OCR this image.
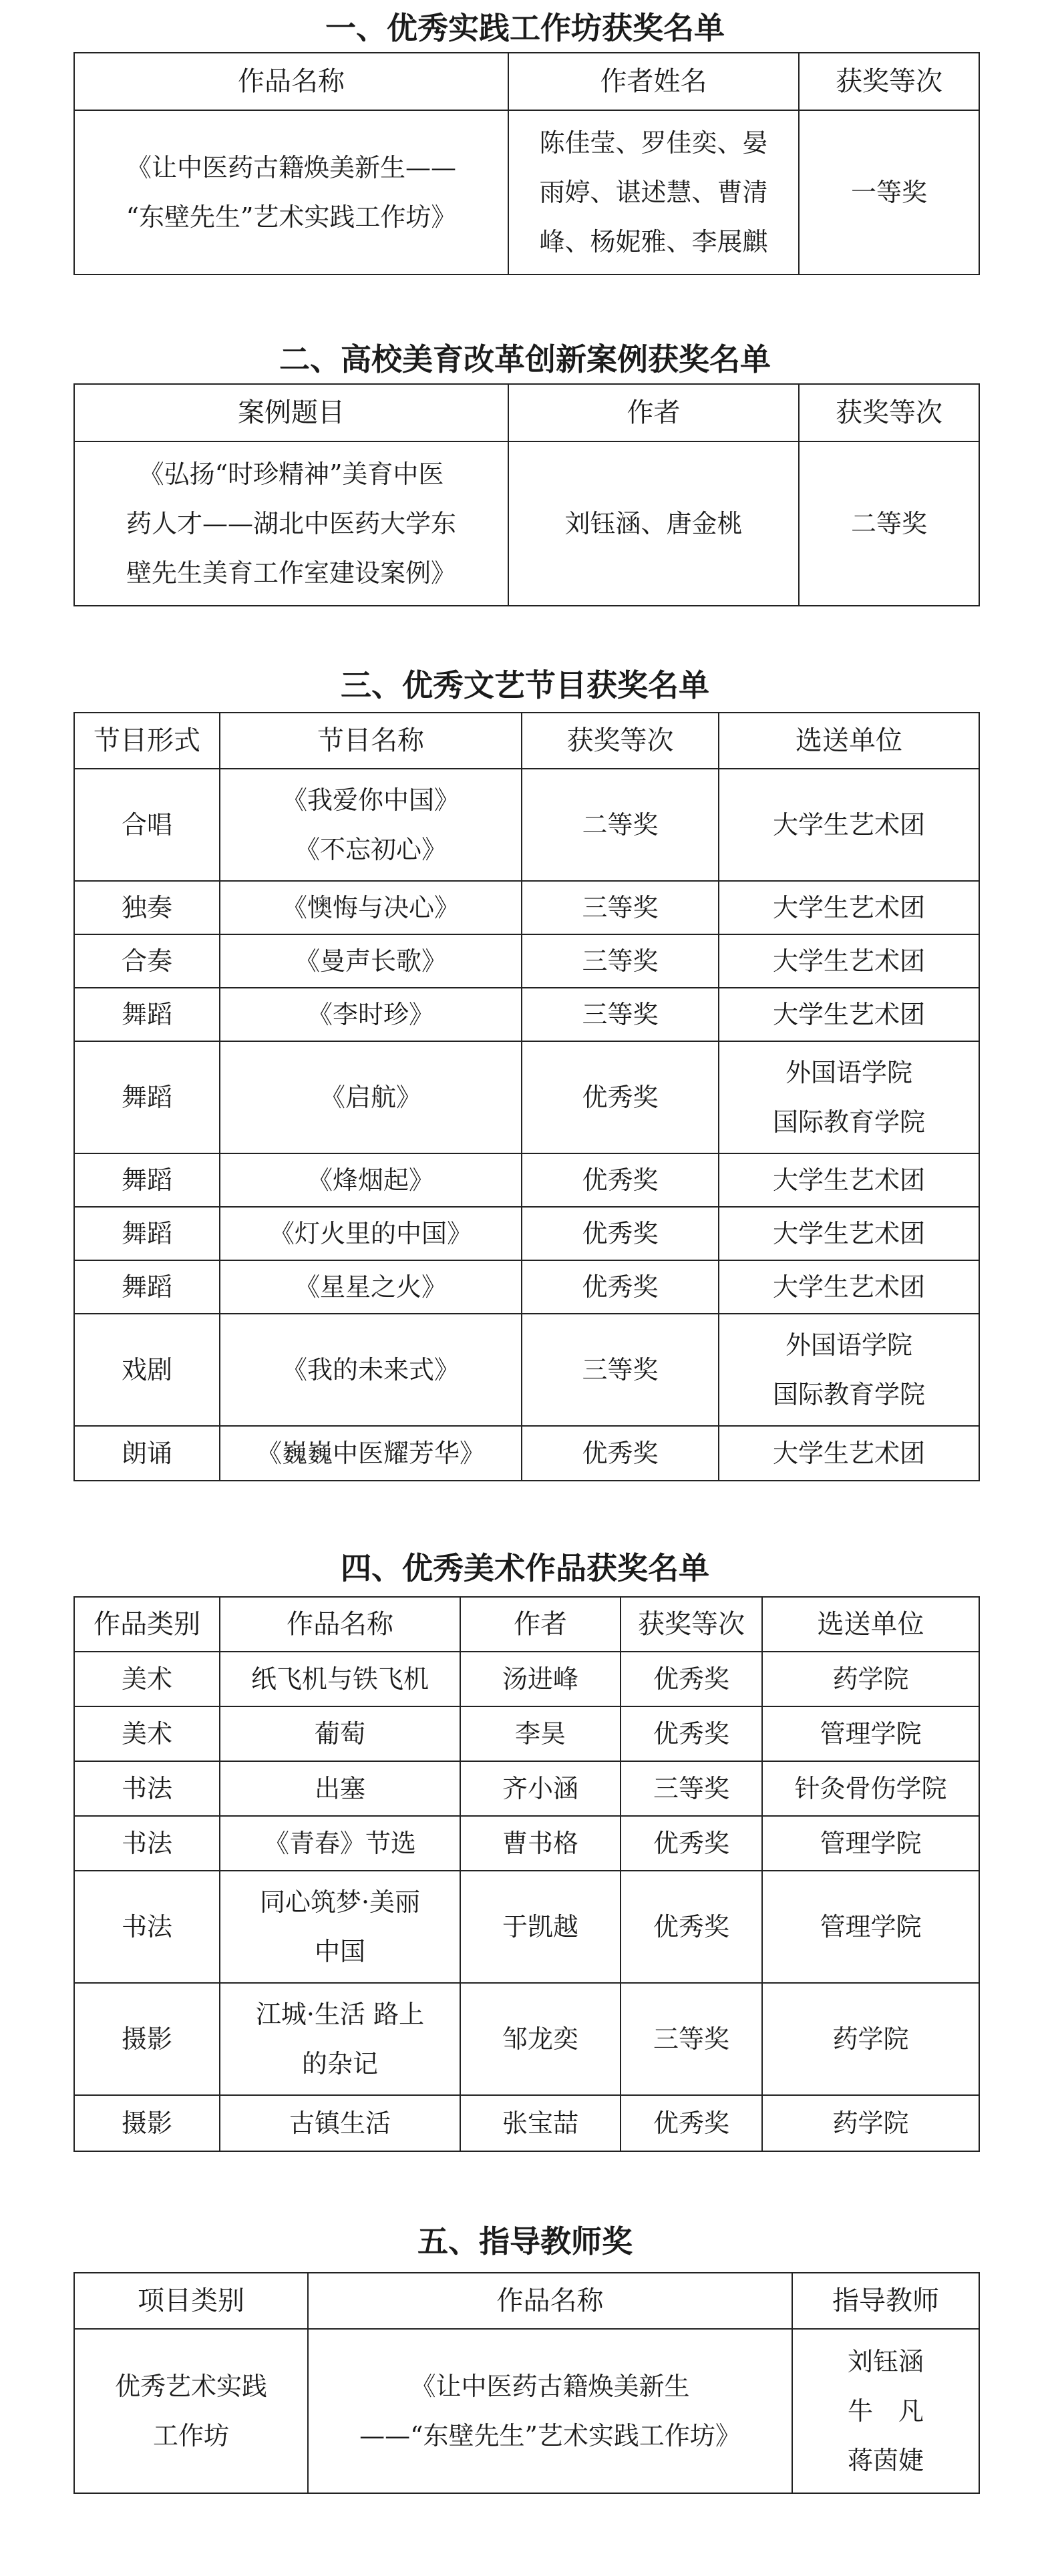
一、优秀实践工作坊获奖名单
作品名称	作者姓名	获奖等次

《让中医药古籍焕美新生——
“东壁先生”艺术实践工作坊》	陈佳莹、罗佳奕、晏
雨婷、谌述慧、曹清
峰、杨妮雅、李展麒	一等奖
二、高校美育改革创新案例获奖名单
案例题目	作者	获奖等次

《弘扬“时珍精神”美育中医
药人才——湖北中医药大学东
壁先生美育工作室建设案例》	刘钰涵、唐金桃	二等奖
三、优秀文艺节目获奖名单
节目形式	节目名称	获奖等次	选送单位
合唱	《我爱你中国》
《不忘初心》	二等奖	大学生艺术团
独奏	《懊悔与决心》	三等奖	大学生艺术团
合奏	《曼声长歌》	三等奖	大学生艺术团
舞蹈	《李时珍》	三等奖	大学生艺术团
舞蹈	《启航》	优秀奖	外国语学院
国际教育学院

舞蹈	《烽烟起》	优秀奖	大学生艺术团
舞蹈	《灯火里的中国》	优秀奖	大学生艺术团
舞蹈	《星星之火》	优秀奖	大学生艺术团
戏剧	《我的未来式》	三等奖	外国语学院
国际教育学院

朗诵	《巍巍中医耀芳华》	优秀奖	大学生艺术团
四、优秀美术作品获奖名单
作品类别	作品名称	作者	获奖等次	选送单位
美术	纸飞机与铁飞机	汤进峰	优秀奖	药学院
美术	葡萄	李昊	优秀奖	管理学院
书法	出塞	齐小涵	三等奖	针灸骨伤学院
书法	《青春》节选	曹书格	优秀奖	管理学院
书法	同心筑梦·美丽
中国	于凯越	优秀奖	管理学院
摄影	江城·生活 路上
的杂记	邹龙奕	三等奖	药学院
摄影	古镇生活	张宝喆	优秀奖	药学院
五、指导教师奖
项目类别	作品名称	指导教师

优秀艺术实践
工作坊	《让中医药古籍焕美新生
——“东壁先生”艺术实践工作坊》	刘钰涵
牛　凡
蒋茵婕
